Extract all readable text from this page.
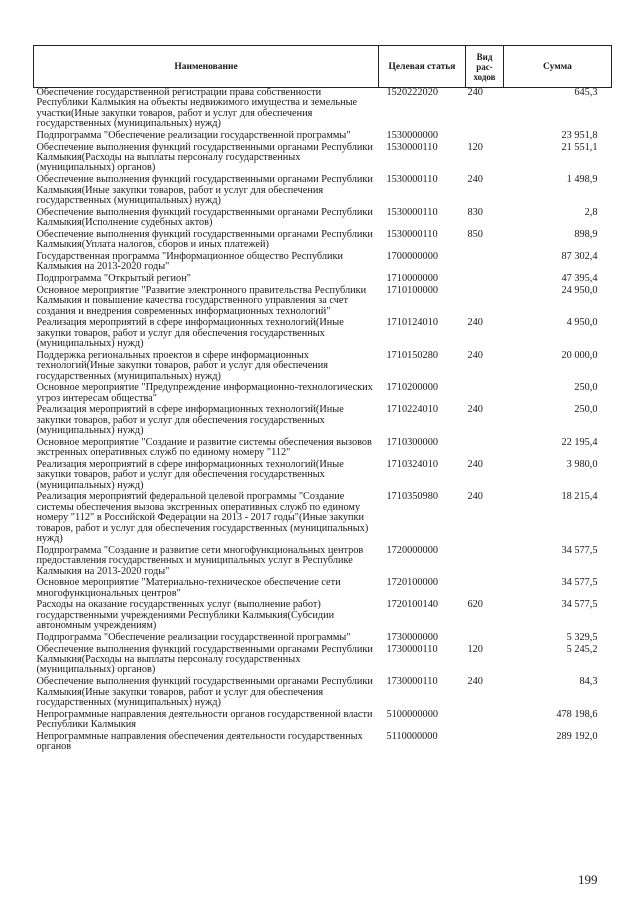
Наименование	Целевая статья	Вид рас-ходов	Сумма
Обеспечение государственной регистрации права собственности Республики Калмыкия на объекты недвижимого имущества и земельные участки(Иные закупки товаров, работ и услуг для обеспечения государственных (муниципальных) нужд)	1520222020	240	645,3
Подпрограмма "Обеспечение реализации государственной программы"	1530000000		23 951,8
Обеспечение выполнения функций государственными органами Республики Калмыкия(Расходы на выплаты персоналу государственных (муниципальных) органов)	1530000110	120	21 551,1
Обеспечение выполнения функций государственными органами Республики Калмыкия(Иные закупки товаров, работ и услуг для обеспечения государственных (муниципальных) нужд)	1530000110	240	1 498,9
Обеспечение выполнения функций государственными органами Республики Калмыкия(Исполнение судебных актов)	1530000110	830	2,8
Обеспечение выполнения функций государственными органами Республики Калмыкия(Уплата налогов, сборов и иных платежей)	1530000110	850	898,9
Государственная программа "Информационное общество Республики Калмыкия на 2013-2020 годы"	1700000000		87 302,4
Подпрограмма "Открытый регион"	1710000000		47 395,4
Основное мероприятие "Развитие электронного правительства Республики Калмыкия и повышение качества государственного управления за счет создания и внедрения современных информационных технологий"	1710100000		24 950,0
Реализация мероприятий в сфере информационных технологий(Иные закупки товаров, работ и услуг для обеспечения государственных (муниципальных) нужд)	1710124010	240	4 950,0
Поддержка региональных проектов в сфере информационных технологий(Иные закупки товаров, работ и услуг для обеспечения государственных (муниципальных) нужд)	1710150280	240	20 000,0
Основное мероприятие "Предупреждение информационно-технологических угроз интересам общества"	1710200000		250,0
Реализация мероприятий в сфере информационных технологий(Иные закупки товаров, работ и услуг для обеспечения государственных (муниципальных) нужд)	1710224010	240	250,0
Основное мероприятие "Создание и развитие системы обеспечения вызовов экстренных оперативных служб по единому номеру "112"	1710300000		22 195,4
Реализация мероприятий в сфере информационных технологий(Иные закупки товаров, работ и услуг для обеспечения государственных (муниципальных) нужд)	1710324010	240	3 980,0
Реализация мероприятий федеральной целевой программы "Создание системы обеспечения вызова экстренных оперативных служб по единому номеру "112" в Российской Федерации на 2013 - 2017 годы"(Иные закупки товаров, работ и услуг для обеспечения государственных (муниципальных) нужд)	1710350980	240	18 215,4
Подпрограмма "Создание и развитие сети многофункциональных центров предоставления государственных и муниципальных услуг в Республике Калмыкия на 2013-2020 годы"	1720000000		34 577,5
Основное мероприятие "Материально-техническое обеспечение сети многофункциональных центров"	1720100000		34 577,5
Расходы на оказание государственных услуг (выполнение работ) государственными учреждениями Республики Калмыкия(Субсидии автономным учреждениям)	1720100140	620	34 577,5
Подпрограмма "Обеспечение реализации государственной программы"	1730000000		5 329,5
Обеспечение выполнения функций государственными органами Республики Калмыкия(Расходы на выплаты персоналу государственных (муниципальных) органов)	1730000110	120	5 245,2
Обеспечение выполнения функций государственными органами Республики Калмыкия(Иные закупки товаров, работ и услуг для обеспечения государственных (муниципальных) нужд)	1730000110	240	84,3
Непрограммные направления деятельности органов государственной власти Республики Калмыкия	5100000000		478 198,6
Непрограммные направления обеспечения деятельности государственных органов	5110000000		289 192,0
199
